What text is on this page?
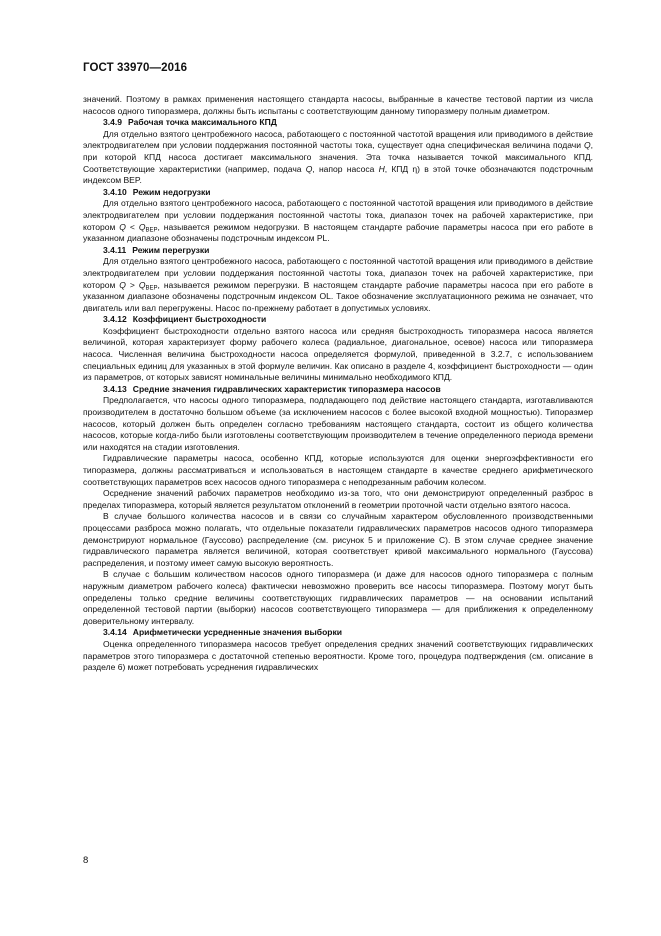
ГОСТ 33970—2016

значений. Поэтому в рамках применения настоящего стандарта насосы, выбранные в качестве тестовой партии из числа насосов одного типоразмера, должны быть испытаны с соответствующим данному типоразмеру полным диаметром.

3.4.9 Рабочая точка максимального КПД

Для отдельно взятого центробежного насоса, работающего с постоянной частотой вращения или приводимого в действие электродвигателем при условии поддержания постоянной частоты тока, существует одна специфическая величина подачи Q, при которой КПД насоса достигает максимального значения. Эта точка называется точкой максимального КПД. Соответствующие характеристики (например, подача Q, напор насоса H, КПД η) в этой точке обозначаются подстрочным индексом BEP.

3.4.10 Режим недогрузки

Для отдельно взятого центробежного насоса, работающего с постоянной частотой вращения или приводимого в действие электродвигателем при условии поддержания постоянной частоты тока, диапазон точек на рабочей характеристике, при котором $Q < Q_{BEP}$, называется режимом недогрузки. В настоящем стандарте рабочие параметры насоса при его работе в указанном диапазоне обозначены подстрочным индексом PL.

3.4.11 Режим перегрузки

Для отдельно взятого центробежного насоса, работающего с постоянной частотой вращения или приводимого в действие электродвигателем при условии поддержания постоянной частоты тока, диапазон точек на рабочей характеристике, при котором $Q > Q_{BEP}$, называется режимом перегрузки. В настоящем стандарте рабочие параметры насоса при его работе в указанном диапазоне обозначены подстрочным индексом OL. Такое обозначение эксплуатационного режима не означает, что двигатель или вал перегружены. Насос по-прежнему работает в допустимых условиях.

3.4.12 Коэффициент быстроходности

Коэффициент быстроходности отдельно взятого насоса или средняя быстроходность типоразмера насоса является величиной, которая характеризует форму рабочего колеса (радиальное, диагональное, осевое) насоса или типоразмера насоса. Численная величина быстроходности насоса определяется формулой, приведенной в 3.2.7, с использованием специальных единиц для указанных в этой формуле величин. Как описано в разделе 4, коэффициент быстроходности — один из параметров, от которых зависят номинальные величины минимально необходимого КПД.

3.4.13 Средние значения гидравлических характеристик типоразмера насосов

Предполагается, что насосы одного типоразмера, подпадающего под действие настоящего стандарта, изготавливаются производителем в достаточно большом объеме (за исключением насосов с более высокой входной мощностью). Типоразмер насосов, который должен быть определен согласно требованиям настоящего стандарта, состоит из общего количества насосов, которые когда-либо были изготовлены соответствующим производителем в течение определенного периода времени или находятся на стадии изготовления.

Гидравлические параметры насоса, особенно КПД, которые используются для оценки энергоэффективности его типоразмера, должны рассматриваться и использоваться в настоящем стандарте в качестве среднего арифметического соответствующих параметров всех насосов одного типоразмера с неподрезанным рабочим колесом.

Осреднение значений рабочих параметров необходимо из-за того, что они демонстрируют определенный разброс в пределах типоразмера, который является результатом отклонений в геометрии проточной части отдельно взятого насоса.

В случае большого количества насосов и в связи со случайным характером обусловленного производственными процессами разброса можно полагать, что отдельные показатели гидравлических параметров насосов одного типоразмера демонстрируют нормальное (Гауссово) распределение (см. рисунок 5 и приложение С). В этом случае среднее значение гидравлического параметра является величиной, которая соответствует кривой максимального нормального (Гауссова) распределения, и поэтому имеет самую высокую вероятность.

В случае с большим количеством насосов одного типоразмера (и даже для насосов одного типоразмера с полным наружным диаметром рабочего колеса) фактически невозможно проверить все насосы типоразмера. Поэтому могут быть определены только средние величины соответствующих гидравлических параметров — на основании испытаний определенной тестовой партии (выборки) насосов соответствующего типоразмера — для приближения к определенному доверительному интервалу.

3.4.14 Арифметически усредненные значения выборки

Оценка определенного типоразмера насосов требует определения средних значений соответствующих гидравлических параметров этого типоразмера с достаточной степенью вероятности. Кроме того, процедура подтверждения (см. описание в разделе 6) может потребовать усреднения гидравлических

8
